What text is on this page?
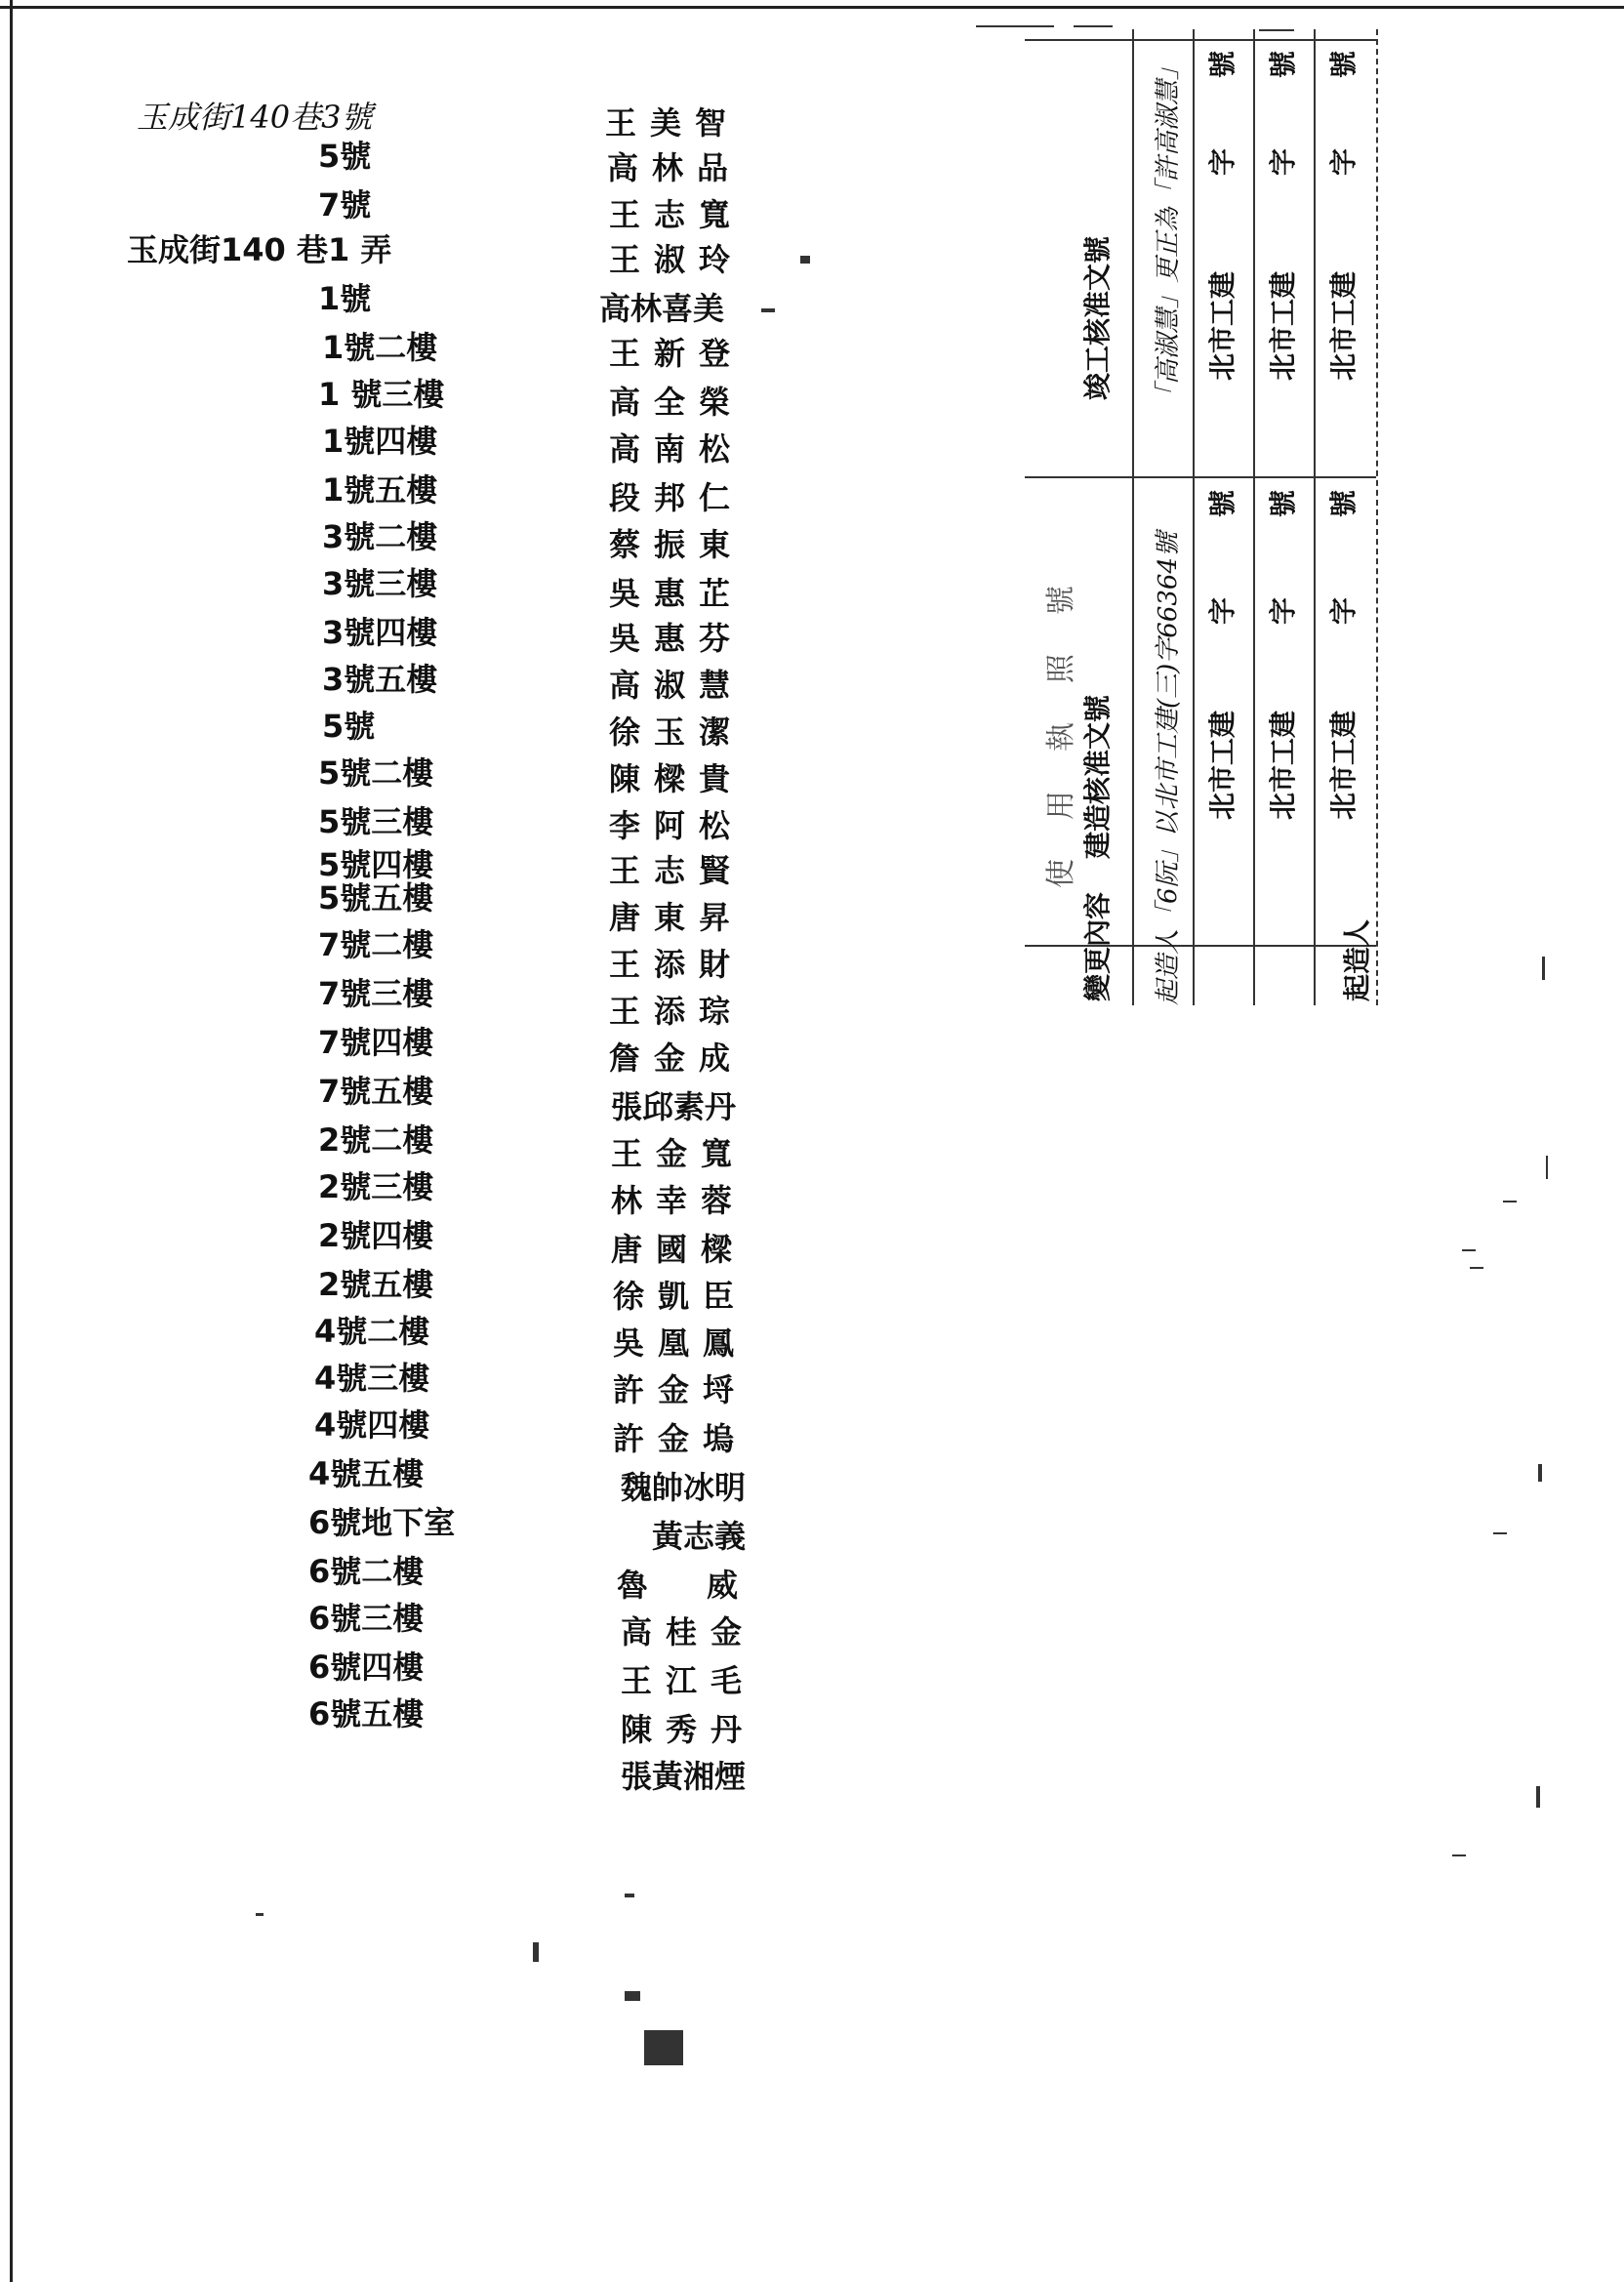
玉成街140巷3號
5號
7號
玉成街140 巷1 弄
1號
1號二樓
1 號三樓
1號四樓
1號五樓
3號二樓
3號三樓
3號四樓
3號五樓
5號
5號二樓
5號三樓
5號四樓
5號五樓
7號二樓
7號三樓
7號四樓
7號五樓
2號二樓
2號三樓
2號四樓
2號五樓
4號二樓
4號三樓
4號四樓
4號五樓
6號地下室
6號二樓
6號三樓
6號四樓
6號五樓
王美智
高林品
王志寬
王淑玲
高林喜美
王新登
高全榮
高南松
段邦仁
蔡振東
吳惠芷
吳惠芬
高淑慧
徐玉潔
陳樑貴
李阿松
王志賢
唐東昇
王添財
王添琮
詹金成
張邱素丹
王金寬
林幸蓉
唐國樑
徐凱臣
吳凰鳳
許金埒
許金塢
魏帥冰明
黃志義
魯　威
高桂金
王江毛
陳秀丹
張黃湘煙
使用執照號
變更內容
建造核准文號
竣工核准文號
起造人「6阮」以
北市工建(三)字66364號
「高淑慧」更正為「許高淑慧」
北市工建
字
號
北市工建
字
號
北市工建
字
號
北市工建
字
號
北市工建
字
號
北市工建
字
號
起造人
